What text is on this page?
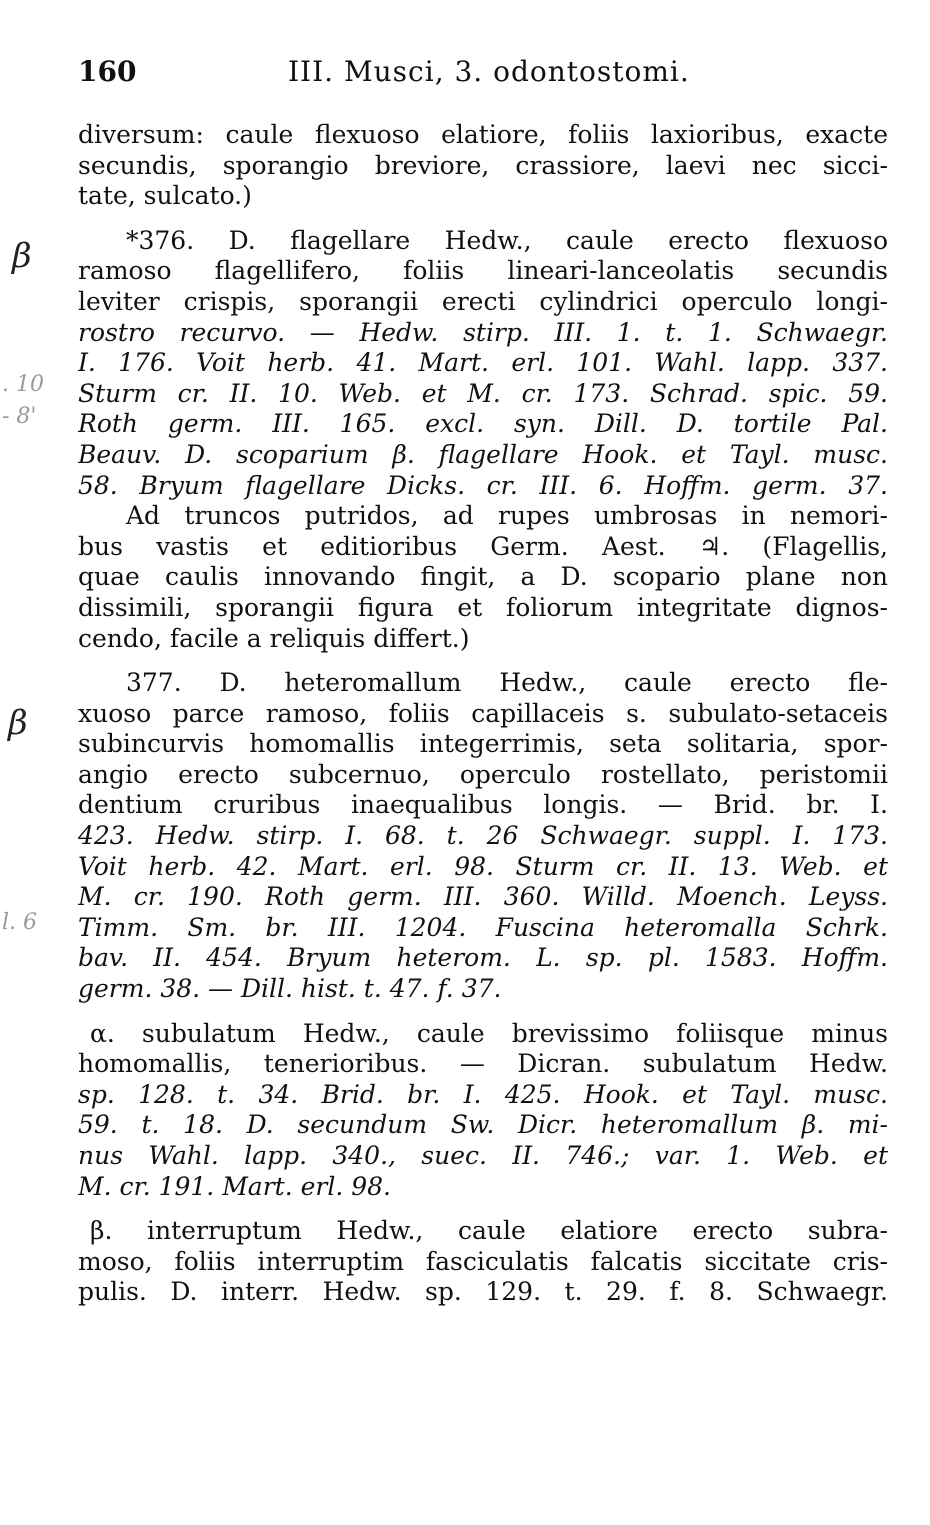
160	III. Musci, 3. odontostomi.
β
. 10
- 8'
β
l. 6
diversum: caule flexuoso elatiore, foliis laxioribus, exacte
secundis, sporangio breviore, crassiore, laevi nec sicci-
tate, sulcato.)
*376. D. flagellare Hedw., caule erecto flexuoso
ramoso flagellifero, foliis lineari-lanceolatis secundis
leviter crispis, sporangii erecti cylindrici operculo longi-
rostro recurvo. — Hedw. stirp. III. 1. t. 1. Schwaegr.
I. 176. Voit herb. 41. Mart. erl. 101. Wahl. lapp. 337.
Sturm cr. II. 10. Web. et M. cr. 173. Schrad. spic. 59.
Roth germ. III. 165. excl. syn. Dill. D. tortile Pal.
Beauv. D. scoparium β. flagellare Hook. et Tayl. musc.
58. Bryum flagellare Dicks. cr. III. 6. Hoffm. germ. 37.
Ad truncos putridos, ad rupes umbrosas in nemori-
bus vastis et editioribus Germ. Aest. ♃. (Flagellis,
quae caulis innovando fingit, a D. scopario plane non
dissimili, sporangii figura et foliorum integritate dignos-
cendo, facile a reliquis differt.)
377. D. heteromallum Hedw., caule erecto fle-
xuoso parce ramoso, foliis capillaceis s. subulato-setaceis
subincurvis homomallis integerrimis, seta solitaria, spor-
angio erecto subcernuo, operculo rostellato, peristomii
dentium cruribus inaequalibus longis. — Brid. br. I.
423. Hedw. stirp. I. 68. t. 26 Schwaegr. suppl. I. 173.
Voit herb. 42. Mart. erl. 98. Sturm cr. II. 13. Web. et
M. cr. 190. Roth germ. III. 360. Willd. Moench. Leyss.
Timm. Sm. br. III. 1204. Fuscina heteromalla Schrk.
bav. II. 454. Bryum heterom. L. sp. pl. 1583. Hoffm.
germ. 38. — Dill. hist. t. 47. f. 37.
α. subulatum Hedw., caule brevissimo foliisque minus
homomallis, tenerioribus. — Dicran. subulatum Hedw.
sp. 128. t. 34. Brid. br. I. 425. Hook. et Tayl. musc.
59. t. 18. D. secundum Sw. Dicr. heteromallum β. mi-
nus Wahl. lapp. 340., suec. II. 746.; var. 1. Web. et
M. cr. 191. Mart. erl. 98.
β. interruptum Hedw., caule elatiore erecto subra-
moso, foliis interruptim fasciculatis falcatis siccitate cris-
pulis. D. interr. Hedw. sp. 129. t. 29. f. 8. Schwaegr.
